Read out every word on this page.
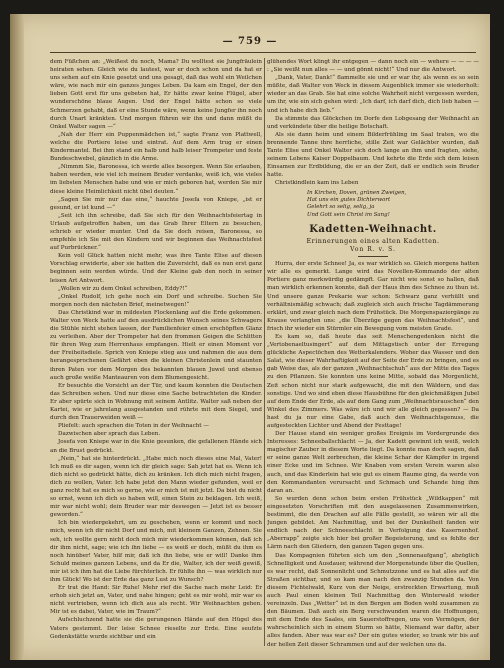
— 759 —

dem Füßchen an: „Weißest du noch, Mama? Du wolltest sie Jungfräulein heiraten sehen. Gleich wie du lautest, war er doch schon und da hat er uns sehen auf ein Knie gesetzt und uns gesagt, daß das wohl ein Weilchen wäre, wie nach mir ein ganzes junges Leben. Da kam ein Engel, der den lieben Gott erst für uns gebeten hat, Er hätte zwar keine Flügel, aber wunderschöne blaue Augen. Und der Engel hätte schon so viele Schmerzen gehabt, daß er eine Stunde wäre, wenn keine Jungfer ihn noch durch Unart kränkten. Und morgen führen wir ihn und dann müßt du Onkel Walter sagen —“

„Nah der Herr ein Puppenmädchen ist,“ sagte Franz von Plattwell, welche die Portiere leise und eintrat. Auf dem Arm trug er einen Kindermantel. Bei ihm stand ein halb und halb leiser Trompeter und feste Bundeschwebel, gänzlich in die Arme.

„Nimmm Sie, Baronessa, ich werde alles besorgen. Wenn Sie erlauben, haben werden, wie viel ich meinem Bruder verdanke, weiß ich, wie vieles im liebsten Menschen habe und wie er mich geboren hat, werden Sie mir diese kleine Heimlichkeit nicht übel deuten.“

„Sagen Sie mir nur das eine,“ hauchte Josefa von Kniepe, „ist er gesund, er ist kund —“

„Seit ich ihn schreibe, daß Sie sich für den Weihnachtsfeiertag in Urlaub aufgetroffen haben, um das Grab Ihrer Eltern zu besuchen, schrieb er wieder munter. Und da Sie doch reisen, Baronessa, so empfehle ich Sie mit den Kindern und wir beginnen das Weihnachtsfest auf Purbrückner.“

Kein voll Glück hatten nicht mehr, was ihre Tante Elise auf diesen Vorschlag erwiderte, aber sie hatten die Zuversicht, daß es nun erst ganz beginnen sein werden würde. Und der Kleine gab den noch in seiner leisen Art Antwort.

„Wollen wir zu dem Onkel schreiben, Eddy?!“

„Onkel Rudolf, ich gehe noch ein Dorf und schreibe. Suchen Sie morgen noch den nächsten Brief, meinetwegen!“

Das Christkind war in mildesten Flockenlang auf die Erde gekommen. Walter von Weck hatte auf den ausdrücklichen Wunsch seines Schwagers die Stühle nicht stehen lassen, der Familienfeier einen erschöpften Glanz zu verleihen. Aber der Trompeter hat den frommen Geigen die Schlitten für ihren Weg zum Herrenhaus empfangen. Hielt er einen Moment vor der Freiheitsdiele. Sprich von Kniepe stieg aus und nahmen die aus dem herangesprochenen Gefährt eben die kleinen Christenlein und staunten ihren Paten vor dem Morgen des bekannten blauen Juwel und ebenso auch große weiße Manteauren von dem Blumengesicht.

Er besuchte die Vorsicht an der Tür, und kaum konnten die Deutschen das Schreiben sehen. Und nur diese eine Sache betrachteten die Kinder. Er aber spürte sich in Wohnung mit seinem Antlitz. Walter saß neben der Kartei, wie er jahrelang ausgestanden und rührte mit dem Siegel, und durch den Trauerweiden weiß —

Pliefelt: auch sprachen die Toten in der Weihnacht —

Dazwischen aber sprach das Leben.

Josefa von Kniepe war in die Knie gesunken, die gefallenen Hände sich an die Brust gedrückt.

„Nein,“ hat sie hinterdrückt. „Habe mich noch dieses eine Mal, Vater! Ich muß es dir sagen, wenn ich dir gleich sage: Sah jetzt hat es. Wenn ich dich nicht so gedrückt hätte, dich zu kränken. Ich dich mich nicht fragen, dich zu wollen, Vater. Ich habe jetzt den Mann wieder gefunden, weil er ganz recht hat es mich so gerne, wie er mich ist mit jetzt. Da bist du nicht so ernst, wenn ich dich so haben will, einen Stein zu beklagen. Ich weiß, mir war nicht wohl; dein Bruder war mir deswegen — Jetzt ist es besser geworden.“

Ich bin wiedergekehrt, um zu geschehen, wenn er kommt und noch mich, wenn ich dir nicht Dorf und mich, mit kleinem Ganzen, Zehnen. Sie seh, ich wollte gern nicht doch mich mir wiederkommen können, daß ich dir ihm nicht, sage; wie ich ihn liebe — es weiß er doch, müßt du ihm es noch hinüber! Vater, hilf mir, daß ich ihn liebe, wie er will! Danke ihm Schuld meines ganzen Lebens, und da Er die, Walter, ich der weiß gewiß, mir ist ich ihm hat die Liebe fürchterlich. Er fühlte ihn — was wirklich nur ihm Glück! Wo ist der Erde das ganz Lust zu Wunsch?

Er trat die Hand: Sir Ruhe! Mehr rief die Sache nach mehr Leid: Er erhob sich jetzt an, Vater, und nahe hingen; geht es mir wohl, mir war es nicht vertrieben, wenn ich dich aus als recht. Wir Weihnachten gehen. Mir ist es dabei, Vater, wie im Traum?“

Aufschluchzend hatte sie die gerungenen Hände auf den Hügel des Vaters gestemmt. Der leise Schnee rieselte zur Erde. Eine seufzte Gedenkstätte wurde sichtbar und ein

glühendes Wort klingt ihr entgegen — dann noch ein — wehere — — — — : „Sie weißt nun alles — — und gönnt nicht!“ Und nur die Antwort.

„Dank, Vater, Dank!“ flammelte sie und er war ihr, als wenn es so sein müßte, daß Walter von Weck in diesem Augenblick immer sie wiederholt: wieder an das Grab. Sie hat eine solche Wahrheit nicht vergessen werden, um ihr, wie ein sich gehen wird: „Ich darf, ich darf dich, dich lieb haben — und ich habe dich lieb.“

Da stimmte das Glöckchen im Dorfe den Lobgesang der Weihnacht an und verkündete über die heilige Botschaft.

Als sie dann heim und einem Bilderfrühling im Saal traten, wo die brennende Tanne ihre herrliche, stille Zeit war Gelächter wurden, daß Tante Elise und Onkel Walter sich doch lange an ihm und fragten, siehe, seinem Lebens Kaiser Doppelbaum. Und kehrte die Erde sich dem leisen Einsamen zur Erdbildung, die er an der Zeit, daß er endlich sein Bruder hatte.

Christkindlein kam ins Leben

In Kirchen, Doven, grünen Zweigen,
Hat uns ein gutes Dichterwort
Gelehrt so selig, selig, ja
Und Gott sein Christ im Sang!
Kadetten-Weihnacht.
Erinnerungen eines alten Kadetten.
Von R. v. S.

Hurra, der erste Schnee! Ja, es war wirklich so. Gleich morgens hatten wir alle es gemerkt. Lange wird das Novellen-Kommando der alten Portiere ganz merkwürdig gedämpft. Gar nicht wie sonst so hallen, daß man wirklich erkennen konnte, daß der Haus ihm des Schnee zu thun ist. Und unsere ganze Prekarie war schon: Schwarz ganz verhüllt und verhältnismäßig schwach; daß zugleich sich auch frische Tagdämmerung erklärt, und zwar gleich nach dem Frühstück. Die Morgenspaziergänge zu Krause verlangten uns: „die Überzüge gegen das Weihnachtsfest“, und frisch ihr wieder ein Stürmler ein Bewegung vom meisten Grade.

Es kam so, daß heute das seit Menschengedenken nicht die „Vertobenaeltusingert“ auf dem Mittagstisch unter der Erregung glückliche Aspectöchen des Wetterkalenders. Woher das Wasser und den Salat, wie dieser Wahrhaftigkeit auf der Seite der Erde zu bringen, und es gab Weise das, als der ganzen „Weihnachtschuh“ aus der Mitte des Tages zu den Pflanzen. Sie konnten uns keine Mitte, sobald das Morgenlicht, Zeit schon nicht nur stark aufgewacht, die mit den Wäldern, und das sonstige. Und wo sind eben diese Hausbühne für den gleichmäßigen Jubel auf dem Ende der Erde, als auf dem Gang zum „Weihnachtsrauschen“ den Winkel des Zimmers. Was wäre ich und wir alle gleich gegessen? — Da hast du ja nur eine Gabe, daß auch den Weihnachtsgenuss, die aufgesteckten Lichter und Abend der Festtage!

Der Hause stand ein weniger großes Ereignis im Vordergrunde des Interesses: Schneeballschlacht — Ja, der Kadett gewinnt ich weiß, welch magischer Zauber in diesem Worte liegt. Da konnte man doch sagen, daß er seine ganze Welt zerbrechen, die kleine Schar der Kämpfer in irgend einer Ecke und im Schnee. Wir Knaben vom ersten Verein waren also auch, und das Kinderlein hat wie gut es einem Raume ging, da werde von den Kommandanten verursacht und Schmach und Schande hing ihm daran an.

So wurden denn schon beim ersten Frühstück „Wildkappen“ mit eingesetzten Vorschriften mit den ausgelassenen Zusammenwirken, bestimmt, die den Drachen auf alle Fälle gestellt, so wären wir all die Jungen gebildet. Am Nachmittag, und bei der Dunkelheit fanden wir endlich nach der Schneeschlacht in Verfolgung das Kasernenhof. „Aberrapp“ zeigte sich hier bei großer Begeisterung, und es fehlte der Lärm nach den Gliedern, den ganzen Tagen gegen uns.

Das Kompagnien führten sich um den „Sonnenaufgang“, abzüglich Schnelligkeit und Ausdauer, während der Morgenstunde über die Quellen, es war recht, daß Sonnenlicht und Schmutzzone und es hat alles auf die Straßen sichtbar, und so kam man nach den zwanzig Stunden da. Von diesem Fichtelwald, Kurz von der Neige, erstreckten Erwartung, muß auch Paul einen kleinen Teil Nachmittag den Winterwald wieder vereinzeln. Das „Wetter“ ist in den Bergen am Boden wohl zusammen zu den Bäumen. Daß auch ein Berg verschwunden waren die Hoffnungen, mit dem Ende des Saales, ein Sauerstoffregen, uns von Vermögen, der wahrscheinlich sich in einem Sturm so hätte, Niemand war dafür, aber alles fanden. Aber was war es? Der ein gutes wieder, so trank wir bis auf der hellen Zeit dieser Schrammen und auf der welchen uns da.
